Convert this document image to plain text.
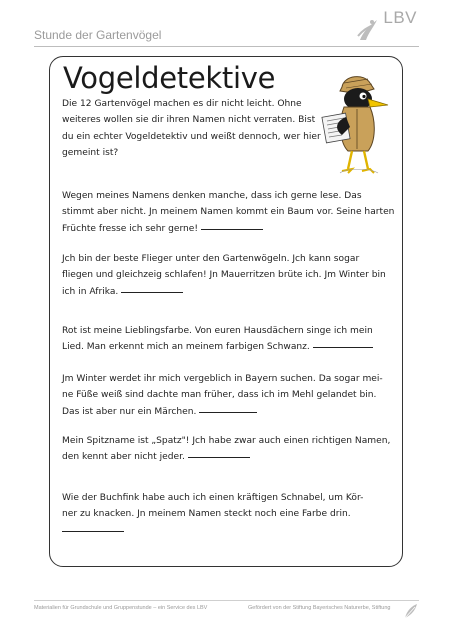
Stunde der Gartenvögel
LBV
Vogeldetektive
Die 12 Gartenvögel machen es dir nicht leicht. Ohne
weiteres wollen sie dir ihren Namen nicht verraten. Bist
du ein echter Vogeldetektiv und weißt dennoch, wer hier
gemeint ist?
Wegen meines Namens denken manche, dass ich gerne lese. Das
stimmt aber nicht. Jn meinem Namen kommt ein Baum vor. Seine harten
Früchte fresse ich sehr gerne!
Jch bin der beste Flieger unter den Gartenwögeln. Jch kann sogar
fliegen und gleichzeig schlafen! Jn Mauerritzen brüte ich. Jm Winter bin
ich in Afrika.
Rot ist meine Lieblingsfarbe. Von euren Hausdächern singe ich mein
Lied. Man erkennt mich an meinem farbigen Schwanz.
Jm Winter werdet ihr mich vergeblich in Bayern suchen. Da sogar mei-
ne Füße weiß sind dachte man früher, dass ich im Mehl gelandet bin.
Das ist aber nur ein Märchen.
Mein Spitzname ist „Spatz"! Jch habe zwar auch einen richtigen Namen,
den kennt aber nicht jeder.
Wie der Buchfink habe auch ich einen kräftigen Schnabel, um Kör-
ner zu knacken. Jn meinem Namen steckt noch eine Farbe drin.
Materialien für Grundschule und Gruppenstunde – ein Service des LBV	Gefördert von der Stiftung Bayerisches Naturerbe, Stiftung
